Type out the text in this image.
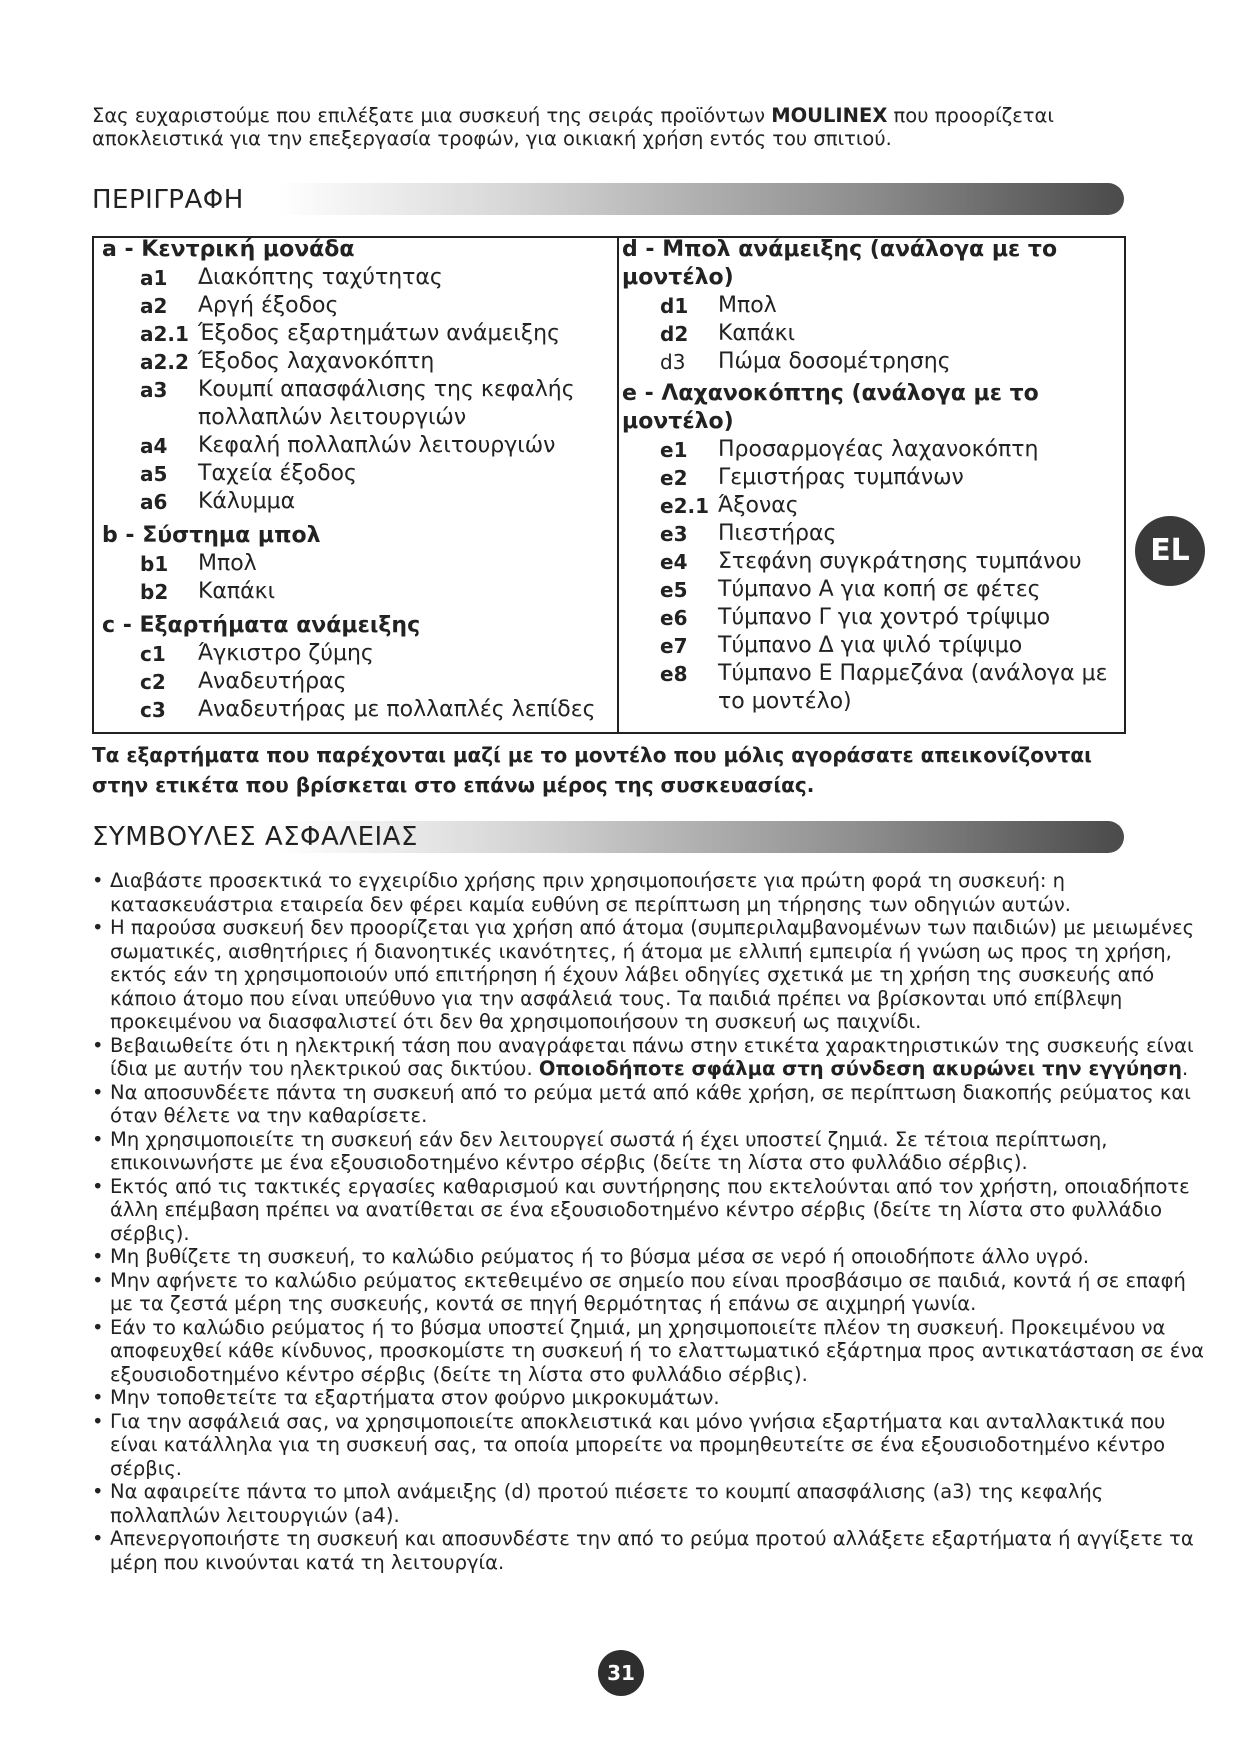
Σας ευχαριστούμε που επιλέξατε μια συσκευή της σειράς προϊόντων MOULINEX που προορίζεται αποκλειστικά για την επεξεργασία τροφών, για οικιακή χρήση εντός του σπιτιού.
ΠΕΡΙΓΡΑΦΗ
a - Κεντρική μονάδα
a1	Διακόπτης ταχύτητας
a2	Αργή έξοδος
a2.1 Έξοδος εξαρτημάτων ανάμειξης
a2.2 Έξοδος λαχανοκόπτη
a3	Κουμπί απασφάλισης της κεφαλής πολλαπλών λειτουργιών
a4	Κεφαλή πολλαπλών λειτουργιών
a5	Ταχεία έξοδος
a6	Κάλυμμα
b - Σύστημα μπολ
b1	Μπολ
b2	Καπάκι
c - Εξαρτήματα ανάμειξης
c1	Άγκιστρο ζύμης
c2	Αναδευτήρας
c3	Αναδευτήρας με πολλαπλές λεπίδες
d - Μπολ ανάμειξης (ανάλογα με το μοντέλο)
d1	Μπολ
d2	Καπάκι
d3	Πώμα δοσομέτρησης
e - Λαχανοκόπτης (ανάλογα με το μοντέλο)
e1	Προσαρμογέας λαχανοκόπτη
e2	Γεμιστήρας τυμπάνων
e2.1 Άξονας
e3	Πιεστήρας
e4	Στεφάνη συγκράτησης τυμπάνου
e5	Τύμπανο Α για κοπή σε φέτες
e6	Τύμπανο Γ για χοντρό τρίψιμο
e7	Τύμπανο Δ για ψιλό τρίψιμο
e8	Τύμπανο Ε Παρμεζάνα (ανάλογα με το μοντέλο)
EL
Τα εξαρτήματα που παρέχονται μαζί με το μοντέλο που μόλις αγοράσατε απεικονίζονται στην ετικέτα που βρίσκεται στο επάνω μέρος της συσκευασίας.
ΣΥΜΒΟΥΛΕΣ ΑΣΦΑΛΕΙΑΣ
• Διαβάστε προσεκτικά το εγχειρίδιο χρήσης πριν χρησιμοποιήσετε για πρώτη φορά τη συσκευή: η κατασκευάστρια εταιρεία δεν φέρει καμία ευθύνη σε περίπτωση μη τήρησης των οδηγιών αυτών.
• Η παρούσα συσκευή δεν προορίζεται για χρήση από άτομα (συμπεριλαμβανομένων των παιδιών) με μειωμένες σωματικές, αισθητήριες ή διανοητικές ικανότητες, ή άτομα με ελλιπή εμπειρία ή γνώση ως προς τη χρήση, εκτός εάν τη χρησιμοποιούν υπό επιτήρηση ή έχουν λάβει οδηγίες σχετικά με τη χρήση της συσκευής από κάποιο άτομο που είναι υπεύθυνο για την ασφάλειά τους. Τα παιδιά πρέπει να βρίσκονται υπό επίβλεψη προκειμένου να διασφαλιστεί ότι δεν θα χρησιμοποιήσουν τη συσκευή ως παιχνίδι.
• Βεβαιωθείτε ότι η ηλεκτρική τάση που αναγράφεται πάνω στην ετικέτα χαρακτηριστικών της συσκευής είναι ίδια με αυτήν του ηλεκτρικού σας δικτύου. Οποιοδήποτε σφάλμα στη σύνδεση ακυρώνει την εγγύηση.
• Να αποσυνδέετε πάντα τη συσκευή από το ρεύμα μετά από κάθε χρήση, σε περίπτωση διακοπής ρεύματος και όταν θέλετε να την καθαρίσετε.
• Μη χρησιμοποιείτε τη συσκευή εάν δεν λειτουργεί σωστά ή έχει υποστεί ζημιά. Σε τέτοια περίπτωση, επικοινωνήστε με ένα εξουσιοδοτημένο κέντρο σέρβις (δείτε τη λίστα στο φυλλάδιο σέρβις).
• Εκτός από τις τακτικές εργασίες καθαρισμού και συντήρησης που εκτελούνται από τον χρήστη, οποιαδήποτε άλλη επέμβαση πρέπει να ανατίθεται σε ένα εξουσιοδοτημένο κέντρο σέρβις (δείτε τη λίστα στο φυλλάδιο σέρβις).
• Μη βυθίζετε τη συσκευή, το καλώδιο ρεύματος ή το βύσμα μέσα σε νερό ή οποιοδήποτε άλλο υγρό.
• Μην αφήνετε το καλώδιο ρεύματος εκτεθειμένο σε σημείο που είναι προσβάσιμο σε παιδιά, κοντά ή σε επαφή με τα ζεστά μέρη της συσκευής, κοντά σε πηγή θερμότητας ή επάνω σε αιχμηρή γωνία.
• Εάν το καλώδιο ρεύματος ή το βύσμα υποστεί ζημιά, μη χρησιμοποιείτε πλέον τη συσκευή. Προκειμένου να αποφευχθεί κάθε κίνδυνος, προσκομίστε τη συσκευή ή το ελαττωματικό εξάρτημα προς αντικατάσταση σε ένα εξουσιοδοτημένο κέντρο σέρβις (δείτε τη λίστα στο φυλλάδιο σέρβις).
• Μην τοποθετείτε τα εξαρτήματα στον φούρνο μικροκυμάτων.
• Για την ασφάλειά σας, να χρησιμοποιείτε αποκλειστικά και μόνο γνήσια εξαρτήματα και ανταλλακτικά που είναι κατάλληλα για τη συσκευή σας, τα οποία μπορείτε να προμηθευτείτε σε ένα εξουσιοδοτημένο κέντρο σέρβις.
• Να αφαιρείτε πάντα το μπολ ανάμειξης (d) προτού πιέσετε το κουμπί απασφάλισης (a3) της κεφαλής πολλαπλών λειτουργιών (a4).
• Απενεργοποιήστε τη συσκευή και αποσυνδέστε την από το ρεύμα προτού αλλάξετε εξαρτήματα ή αγγίξετε τα μέρη που κινούνται κατά τη λειτουργία.
31
